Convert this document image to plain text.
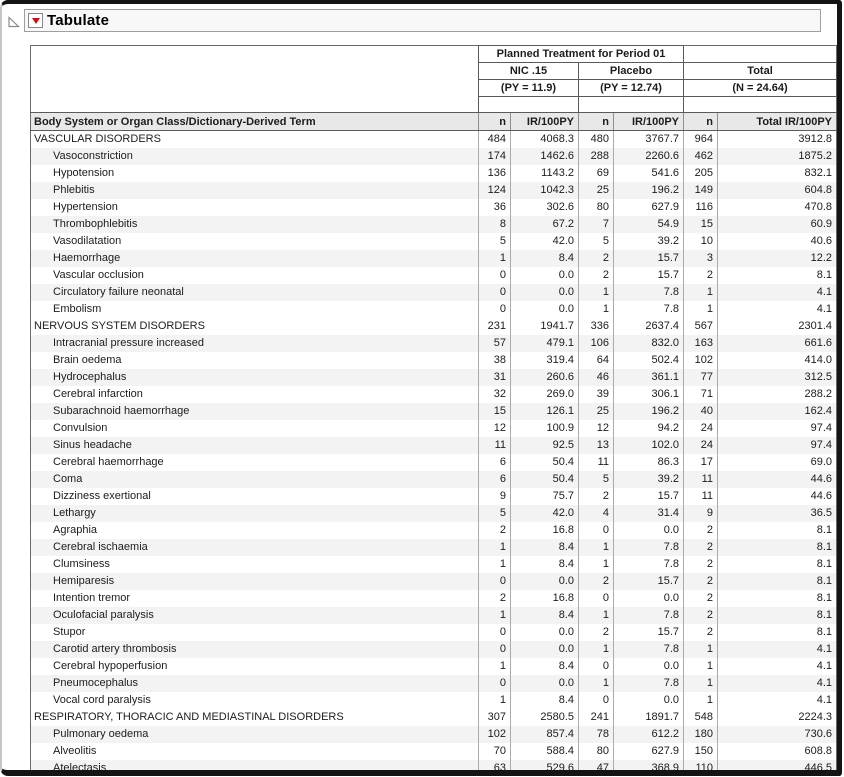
Tabulate
	Planned Treatment for Period 01					
	NIC .15		Placebo		Total	
	(PY = 11.9)		(PY = 12.74)		(N = 24.64)	

Body System or Organ Class/Dictionary-Derived Term	n	IR/100PY	n	IR/100PY	n	Total IR/100PY
VASCULAR DISORDERS	484	4068.3	480	3767.7	964	3912.8
Vasoconstriction	174	1462.6	288	2260.6	462	1875.2
Hypotension	136	1143.2	69	541.6	205	832.1
Phlebitis	124	1042.3	25	196.2	149	604.8
Hypertension	36	302.6	80	627.9	116	470.8
Thrombophlebitis	8	67.2	7	54.9	15	60.9
Vasodilatation	5	42.0	5	39.2	10	40.6
Haemorrhage	1	8.4	2	15.7	3	12.2
Vascular occlusion	0	0.0	2	15.7	2	8.1
Circulatory failure neonatal	0	0.0	1	7.8	1	4.1
Embolism	0	0.0	1	7.8	1	4.1
NERVOUS SYSTEM DISORDERS	231	1941.7	336	2637.4	567	2301.4
Intracranial pressure increased	57	479.1	106	832.0	163	661.6
Brain oedema	38	319.4	64	502.4	102	414.0
Hydrocephalus	31	260.6	46	361.1	77	312.5
Cerebral infarction	32	269.0	39	306.1	71	288.2
Subarachnoid haemorrhage	15	126.1	25	196.2	40	162.4
Convulsion	12	100.9	12	94.2	24	97.4
Sinus headache	11	92.5	13	102.0	24	97.4
Cerebral haemorrhage	6	50.4	11	86.3	17	69.0
Coma	6	50.4	5	39.2	11	44.6
Dizziness exertional	9	75.7	2	15.7	11	44.6
Lethargy	5	42.0	4	31.4	9	36.5
Agraphia	2	16.8	0	0.0	2	8.1
Cerebral ischaemia	1	8.4	1	7.8	2	8.1
Clumsiness	1	8.4	1	7.8	2	8.1
Hemiparesis	0	0.0	2	15.7	2	8.1
Intention tremor	2	16.8	0	0.0	2	8.1
Oculofacial paralysis	1	8.4	1	7.8	2	8.1
Stupor	0	0.0	2	15.7	2	8.1
Carotid artery thrombosis	0	0.0	1	7.8	1	4.1
Cerebral hypoperfusion	1	8.4	0	0.0	1	4.1
Pneumocephalus	0	0.0	1	7.8	1	4.1
Vocal cord paralysis	1	8.4	0	0.0	1	4.1
RESPIRATORY, THORACIC AND MEDIASTINAL DISORDERS	307	2580.5	241	1891.7	548	2224.3
Pulmonary oedema	102	857.4	78	612.2	180	730.6
Alveolitis	70	588.4	80	627.9	150	608.8
Atelectasis	63	529.6	47	368.9	110	446.5
